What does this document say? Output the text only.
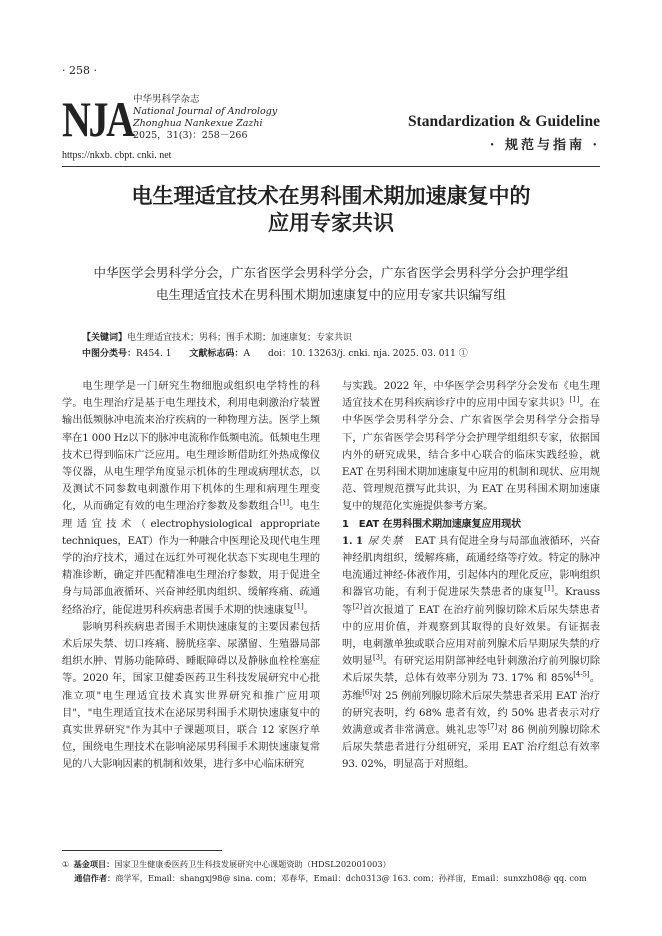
· 258 ·
NJA 中华男科学杂志
National Journal of Andrology
Zhonghua Nankexue Zazhi
2025，31(3)：258－266
https://nkxb. cbpt. cnki. net
Standardization & Guideline
· 规范与指南 ·
电生理适宜技术在男科围术期加速康复中的
应用专家共识
中华医学会男科学分会，广东省医学会男科学分会，广东省医学会男科学分会护理学组
电生理适宜技术在男科围术期加速康复中的应用专家共识编写组
【关键词】电生理适宜技术；男科；围手术期；加速康复；专家共识
中图分类号：R454. 1   文献标志码：A   doi：10. 13263/j. cnki. nja. 2025. 03. 011 ①

电生理学是一门研究生物细胞或组织电学特性的科学。电生理治疗是基于电生理技术，利用电刺激治疗装置输出低频脉冲电流来治疗疾病的一种物理方法。医学上频率在1 000 Hz以下的脉冲电流称作低频电流。低频电生理技术已得到临床广泛应用。电生理诊断借助红外热成像仪等仪器，从电生理学角度显示机体的生理或病理状态，以及测试不同参数电刺激作用下机体的生理和病理生理变化，从而确定有效的电生理治疗参数及参数组合[1]。电生理适宜技术（electrophysiological appropriate techniques，EAT）作为一种融合中医理论及现代电生理学的治疗技术，通过在远红外可视化状态下实现电生理的精准诊断，确定并匹配精准电生理治疗参数，用于促进全身与局部血液循环、兴奋神经肌肉组织、缓解疼痛、疏通经络治疗，能促进男科疾病患者围手术期的快速康复[1]。

影响男科疾病患者围手术期快速康复的主要因素包括术后尿失禁、切口疼痛、膀胱痉挛、尿潴留、生殖器局部组织水肿、胃肠功能障碍、睡眠障碍以及静脉血栓栓塞症等。2020 年，国家卫健委医药卫生科技发展研究中心批准立项"电生理适宜技术真实世界研究和推广应用项目"，"电生理适宜技术在泌尿男科围手术期快速康复中的真实世界研究"作为其中子课题项目，联合 12 家医疗单位，围绕电生理技术在影响泌尿男科围手术期快速康复常见的八大影响因素的机制和效果，进行多中心临床研究

与实践。2022 年，中华医学会男科学分会发布《电生理适宜技术在男科疾病诊疗中的应用中国专家共识》[1]。在中华医学会男科学分会、广东省医学会男科学分会指导下，广东省医学会男科学分会护理学组组织专家，依据国内外的研究成果，结合多中心联合的临床实践经验，就 EAT 在男科围术期加速康复中应用的机制和现状、应用规范、管理规范撰写此共识，为 EAT 在男科围术期加速康复中的规范化实施提供参考方案。

1　EAT 在男科围术期加速康复应用现状

1. 1  尿失禁　EAT 具有促进全身与局部血液循环，兴奋神经肌肉组织，缓解疼痛，疏通经络等疗效。特定的脉冲电流通过神经-体液作用，引起体内的理化反应，影响组织和器官功能，有利于促进尿失禁患者的康复[1]。Krauss 等[2]首次报道了 EAT 在治疗前列腺切除术后尿失禁患者中的应用价值，并观察到其取得的良好效果。有证据表明，电刺激单独或联合应用对前列腺术后早期尿失禁的疗效明显[3]。有研究运用阴部神经电针刺激治疗前列腺切除术后尿失禁，总体有效率分别为 73. 17% 和 85%[4-5]。苏维[6]对 25 例前列腺切除术后尿失禁患者采用 EAT 治疗的研究表明，约 68% 患者有效，约 50% 患者表示对疗效满意或者非常满意。姚礼忠等[7]对 86 例前列腺切除术后尿失禁患者进行分组研究，采用 EAT 治疗组总有效率 93. 02%，明显高于对照组。

①  基金项目：国家卫生健康委医药卫生科技发展研究中心课题资助（HDSL202001003）
  通信作者：商学军，Email：shangxj98@ sina. com；邓春华，Email：dch0313@ 163. com；孙祥宙，Email：sunxzh08@ qq. com
